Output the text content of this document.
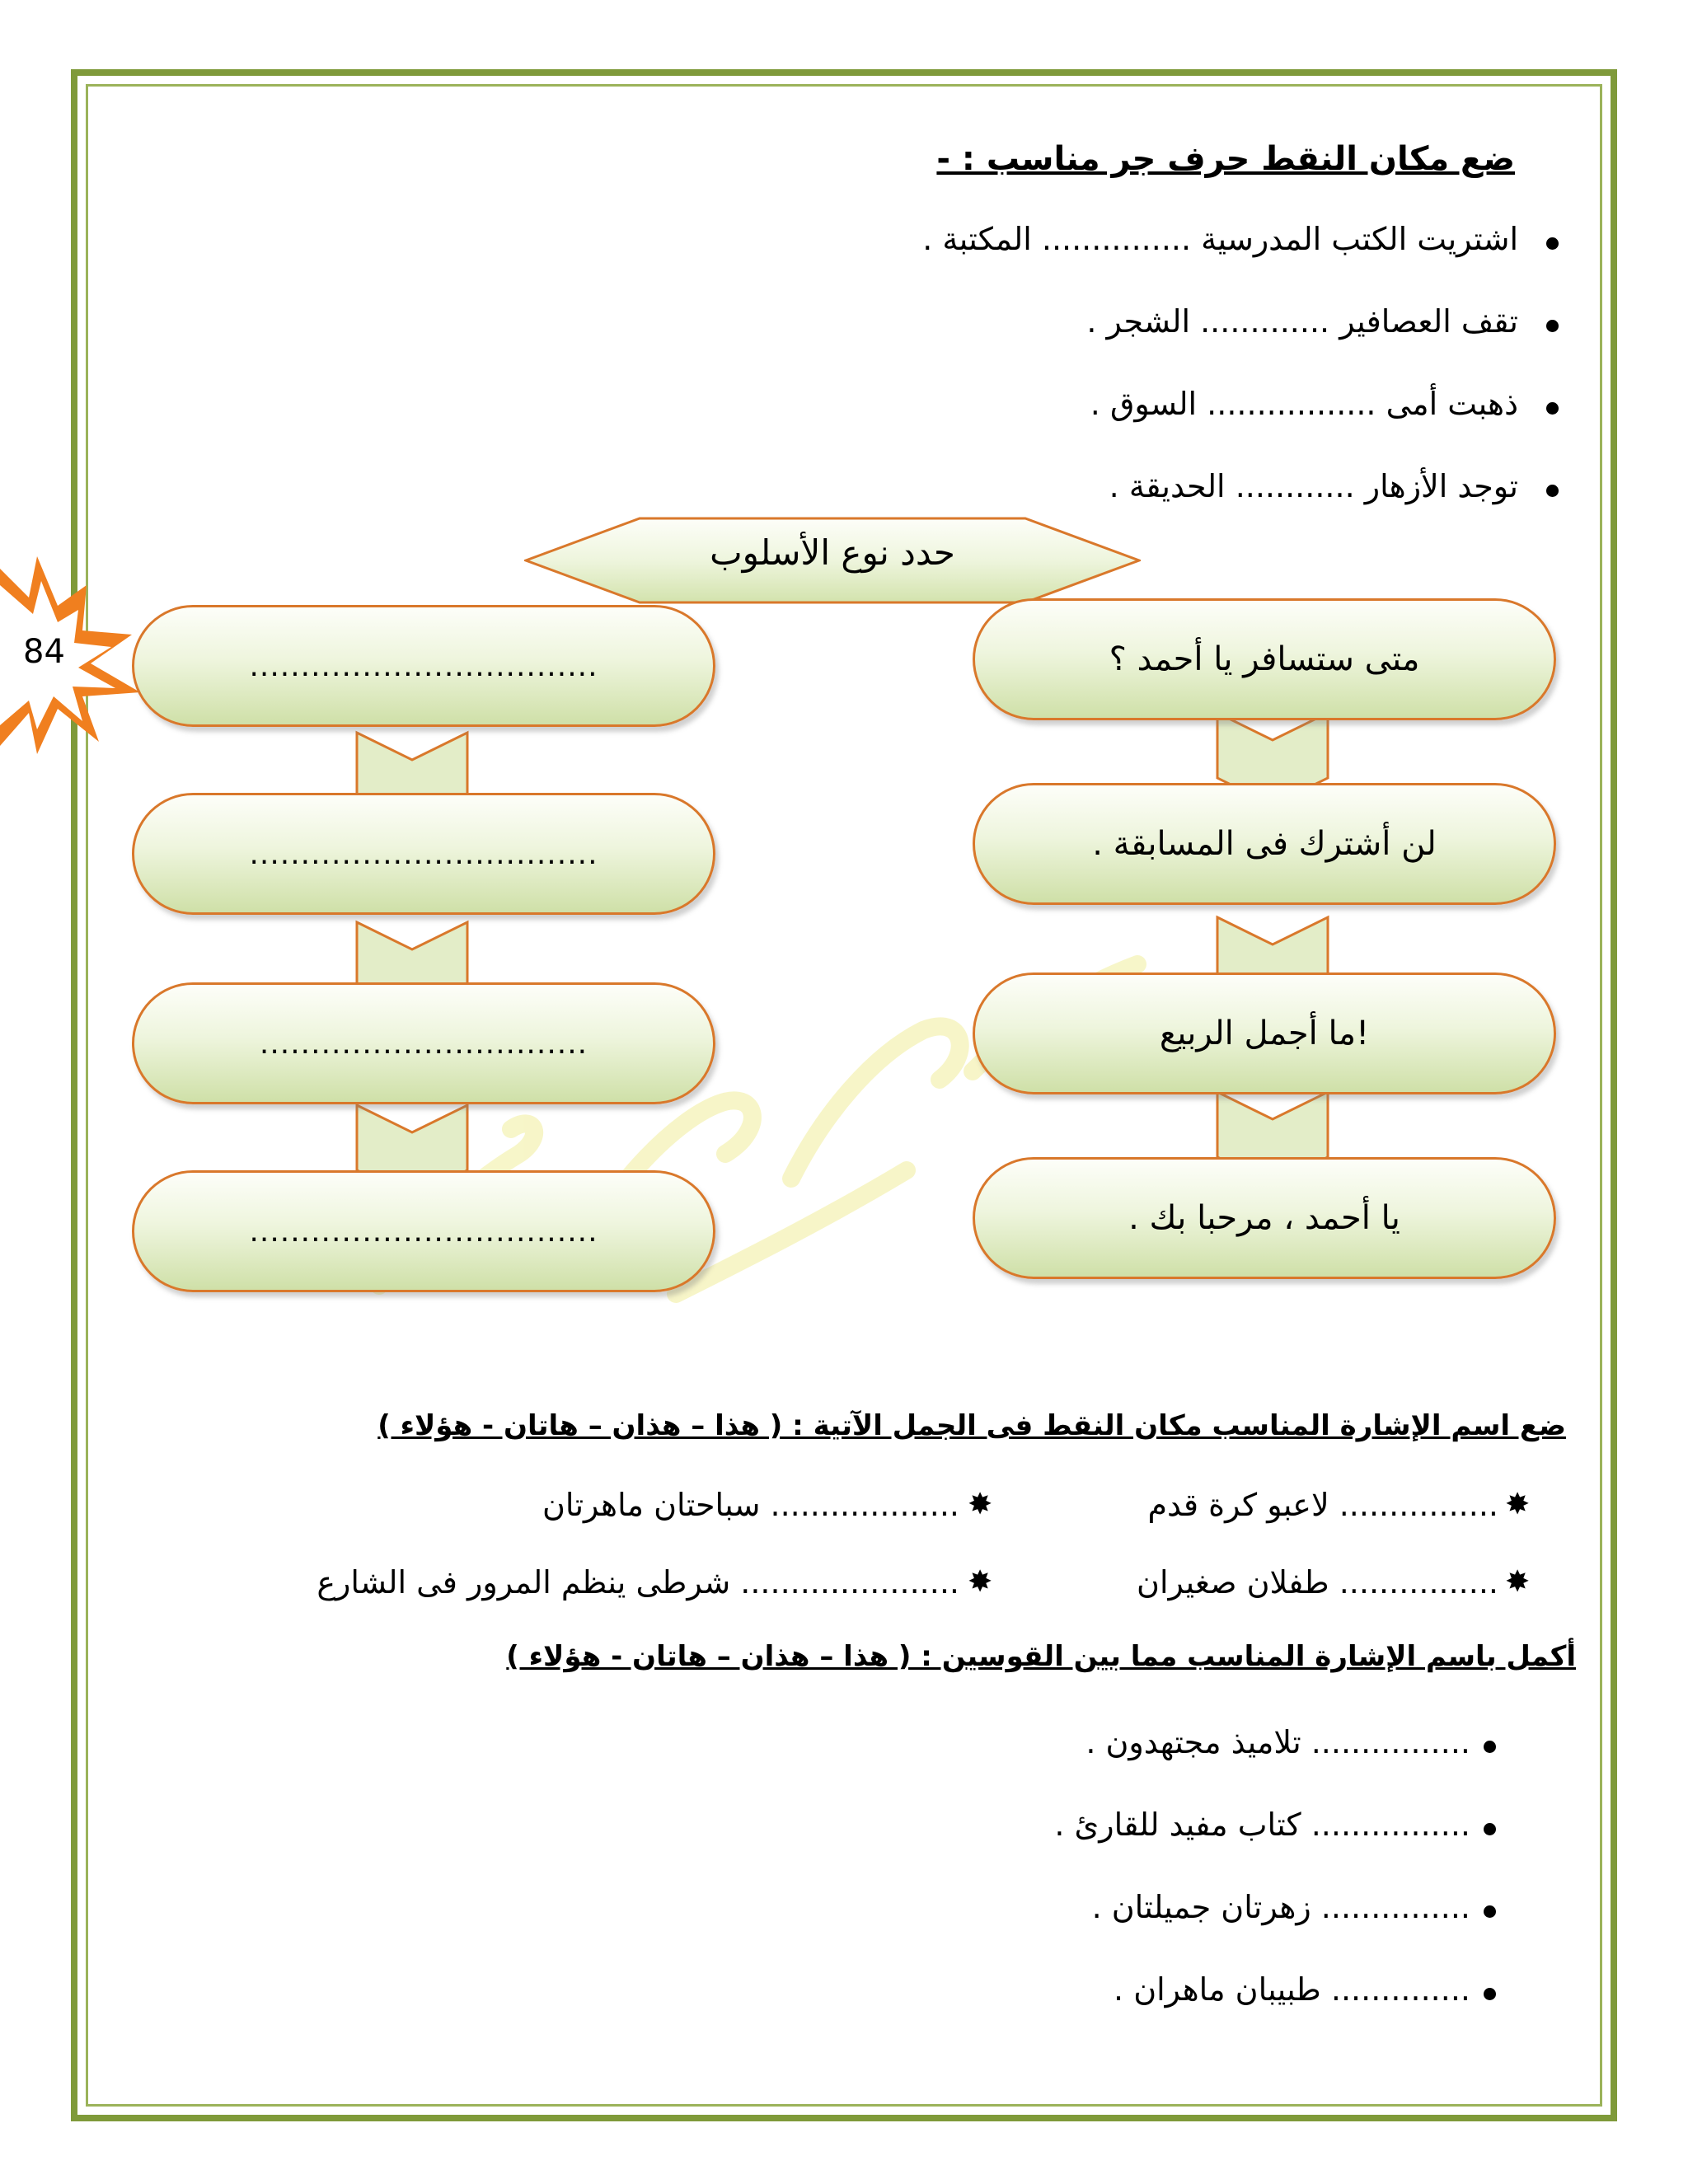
84
ضع مكان النقط حرف جر مناسب : -
اشتريت الكتب المدرسية ............... المكتبة .
تقف العصافير ............. الشجر .
ذهبت أمى ................. السوق .
توجد الأزهار ............ الحديقة .
حدد نوع الأسلوب
متى ستسافر يا أحمد ؟
لن أشترك فى المسابقة .
!ما أجمل الربيع
يا أحمد ، مرحبا بك .
..................................
..................................
................................
..................................
ضع اسم الإشارة المناسب مكان النقط فى الجمل الآتية : ( هذا – هذان – هاتان - هؤلاء )
✸
................ لاعبو كرة قدم
✸
................... سباحتان ماهرتان
✸
................ طفلان صغيران
✸
...................... شرطى ينظم المرور فى الشارع
أكمل باسم الإشارة المناسب مما بين القوسين : ( هذا – هذان – هاتان - هؤلاء )
................ تلاميذ مجتهدون .
................ كتاب مفيد للقارئ .
............... زهرتان جميلتان .
.............. طبيبان ماهران .
